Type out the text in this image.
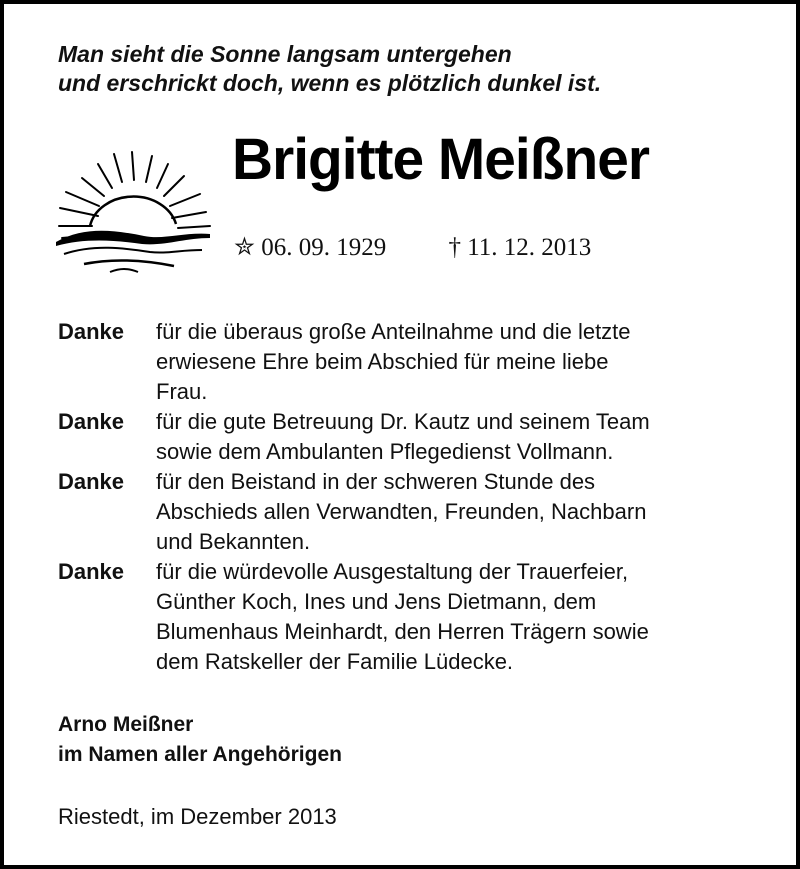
Man sieht die Sonne langsam untergehen
und erschrickt doch, wenn es plötzlich dunkel ist.
Brigitte Meißner
✮ 06. 09. 1929 † 11. 12. 2013
Danke	für die überaus große Anteilnahme und die letzte
erwiesene Ehre beim Abschied für meine liebe
Frau.
Danke	für die gute Betreuung Dr. Kautz und seinem Team
sowie dem Ambulanten Pflegedienst Vollmann.
Danke	für den Beistand in der schweren Stunde des
Abschieds allen Verwandten, Freunden, Nachbarn
und Bekannten.
Danke	für die würdevolle Ausgestaltung der Trauerfeier,
Günther Koch, Ines und Jens Dietmann, dem
Blumenhaus Meinhardt, den Herren Trägern sowie
dem Ratskeller der Familie Lüdecke.
Arno Meißner
im Namen aller Angehörigen
Riestedt, im Dezember 2013
